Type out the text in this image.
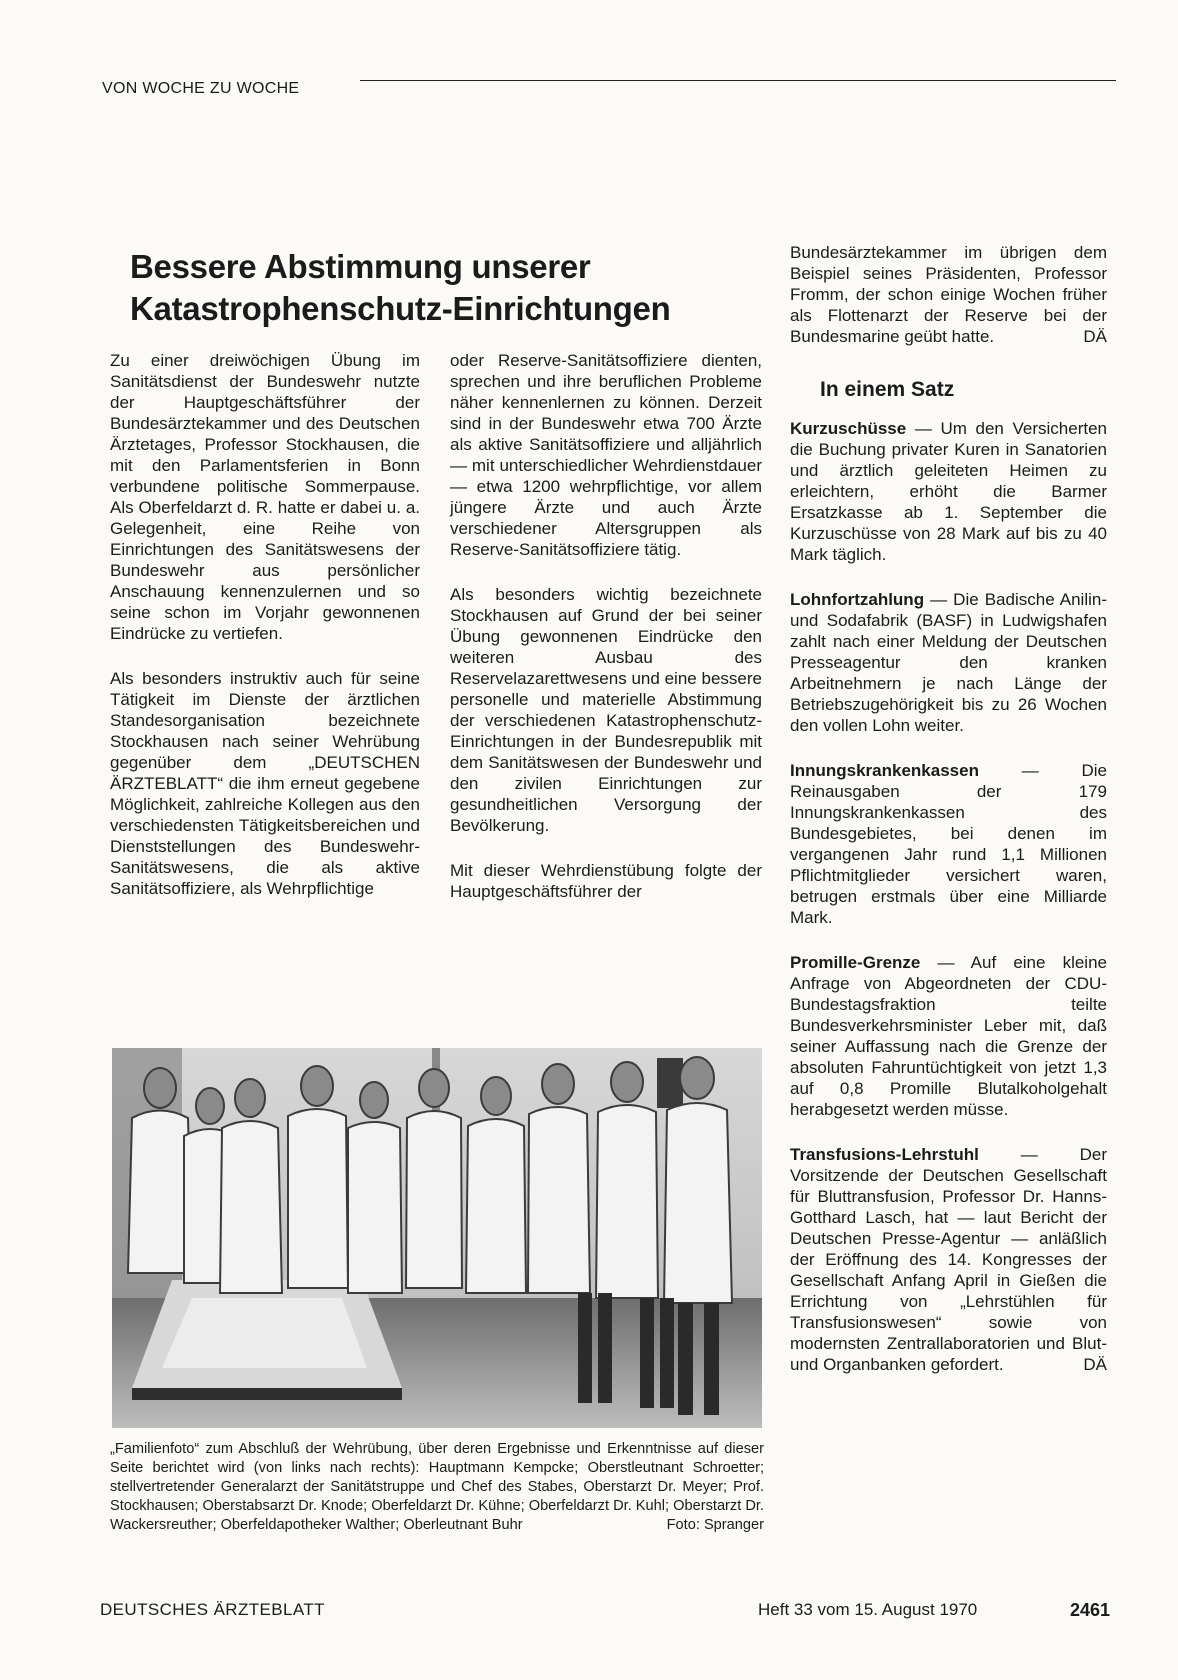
VON WOCHE ZU WOCHE
Bessere Abstimmung unserer
Katastrophenschutz-Einrichtungen

Zu einer dreiwöchigen Übung im Sanitätsdienst der Bundeswehr nutzte der Hauptgeschäftsführer der Bundesärztekammer und des Deutschen Ärztetages, Professor Stockhausen, die mit den Parlamentsferien in Bonn verbundene politische Sommerpause. Als Oberfeldarzt d. R. hatte er dabei u. a. Gelegenheit, eine Reihe von Einrichtungen des Sanitätswesens der Bundeswehr aus persönlicher Anschauung kennenzulernen und so seine schon im Vorjahr gewonnenen Eindrücke zu vertiefen.

Als besonders instruktiv auch für seine Tätigkeit im Dienste der ärztlichen Standesorganisation bezeichnete Stockhausen nach seiner Wehrübung gegenüber dem „DEUTSCHEN ÄRZTEBLATT“ die ihm erneut gegebene Möglichkeit, zahlreiche Kollegen aus den verschiedensten Tätigkeitsbereichen und Dienststellungen des Bundeswehr-Sanitätswesens, die als aktive Sanitätsoffiziere, als Wehrpflichtige

oder Reserve-Sanitätsoffiziere dienten, sprechen und ihre beruflichen Probleme näher kennenlernen zu können. Derzeit sind in der Bundeswehr etwa 700 Ärzte als aktive Sanitätsoffiziere und alljährlich — mit unterschiedlicher Wehrdienstdauer — etwa 1200 wehrpflichtige, vor allem jüngere Ärzte und auch Ärzte verschiedener Altersgruppen als Reserve-Sanitätsoffiziere tätig.

Als besonders wichtig bezeichnete Stockhausen auf Grund der bei seiner Übung gewonnenen Eindrücke den weiteren Ausbau des Reservelazarettwesens und eine bessere personelle und materielle Abstimmung der verschiedenen Katastrophenschutz-Einrichtungen in der Bundesrepublik mit dem Sanitätswesen der Bundeswehr und den zivilen Einrichtungen zur gesundheitlichen Versorgung der Bevölkerung.

Mit dieser Wehrdienstübung folgte der Hauptgeschäftsführer der

Bundesärztekammer im übrigen dem Beispiel seines Präsidenten, Professor Fromm, der schon einige Wochen früher als Flottenarzt der Reserve bei der Bundesmarine geübt hatte.	DÄ

In einem Satz

Kurzuschüsse — Um den Versicherten die Buchung privater Kuren in Sanatorien und ärztlich geleiteten Heimen zu erleichtern, erhöht die Barmer Ersatzkasse ab 1. September die Kurzuschüsse von 28 Mark auf bis zu 40 Mark täglich.

Lohnfortzahlung — Die Badische Anilin- und Sodafabrik (BASF) in Ludwigshafen zahlt nach einer Meldung der Deutschen Presseagentur den kranken Arbeitnehmern je nach Länge der Betriebszugehörigkeit bis zu 26 Wochen den vollen Lohn weiter.

Innungskrankenkassen — Die Reinausgaben der 179 Innungskrankenkassen des Bundesgebietes, bei denen im vergangenen Jahr rund 1,1 Millionen Pflichtmitglieder versichert waren, betrugen erstmals über eine Milliarde Mark.

Promille-Grenze — Auf eine kleine Anfrage von Abgeordneten der CDU-Bundestagsfraktion teilte Bundesverkehrsminister Leber mit, daß seiner Auffassung nach die Grenze der absoluten Fahruntüchtigkeit von jetzt 1,3 auf 0,8 Promille Blutalkoholgehalt herabgesetzt werden müsse.

Transfusions-Lehrstuhl — Der Vorsitzende der Deutschen Gesellschaft für Bluttransfusion, Professor Dr. Hanns-Gotthard Lasch, hat — laut Bericht der Deutschen Presse-Agentur — anläßlich der Eröffnung des 14. Kongresses der Gesellschaft Anfang April in Gießen die Errichtung von „Lehrstühlen für Transfusionswesen“ sowie von modernsten Zentrallaboratorien und Blut- und Organbanken gefordert.	DÄ

„Familienfoto“ zum Abschluß der Wehrübung, über deren Ergebnisse und Erkenntnisse auf dieser Seite berichtet wird (von links nach rechts): Hauptmann Kempcke; Oberstleutnant Schroetter; stellvertretender Generalarzt der Sanitätstruppe und Chef des Stabes, Oberstarzt Dr. Meyer; Prof. Stockhausen; Oberstabsarzt Dr. Knode; Oberfeldarzt Dr. Kühne; Oberfeldarzt Dr. Kuhl; Oberstarzt Dr. Wackersreuther; Oberfeldapotheker Walther; Oberleutnant Buhr	Foto: Spranger
DEUTSCHES ÄRZTEBLATT	Heft 33 vom 15. August 1970	2461
